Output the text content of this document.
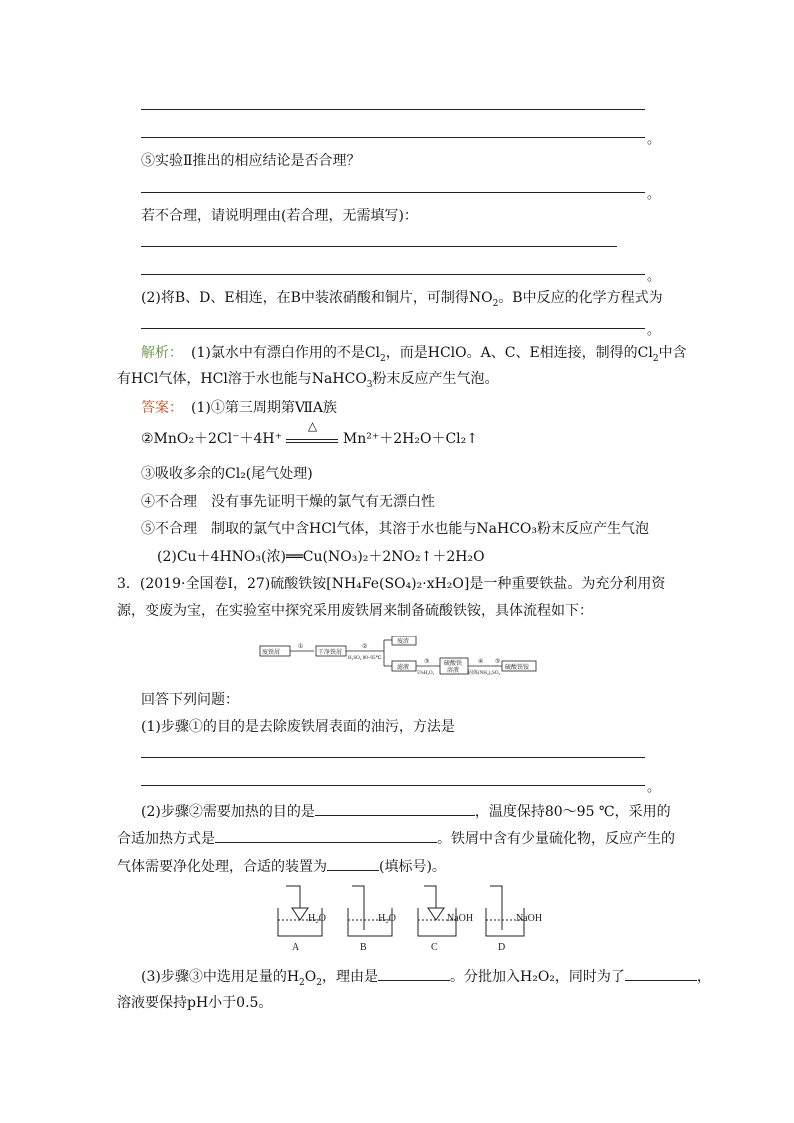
。
⑤实验Ⅱ推出的相应结论是否合理？
。
若不合理，请说明理由(若合理，无需填写)：
。
(2)将B、D、E相连，在B中装浓硝酸和铜片，可制得$NO_2$。B中反应的化学方程式为
。
解析： (1)氯水中有漂白作用的不是$Cl_2$，而是HClO。A、C、E相连接，制得的$Cl_2$中含
有HCl气体，HCl溶于水也能与NaHCO$_3$粉末反应产生气泡。
答案： (1)①第三周期第ⅦA族
②MnO₂＋2Cl⁻＋4H⁺
△
Mn²⁺＋2H₂O＋Cl₂↑
③吸收多余的Cl₂(尾气处理)
④不合理　没有事先证明干燥的氯气有无漂白性
⑤不合理　制取的氯气中含HCl气体，其溶于水也能与NaHCO₃粉末反应产生气泡
(2)Cu＋4HNO₃(浓)══Cu(NO₃)₂＋2NO₂↑＋2H₂O
3．(2019·全国卷Ⅰ，27)硫酸铁铵[NH₄Fe(SO₄)₂·xH₂O]是一种重要铁盐。为充分利用资
源，变废为宝，在实验室中探究采用废铁屑来制备硫酸铁铵，具体流程如下：
废铁屑	干净铁屑
①	②
H₂SO₄ 80~95℃
废渣
滤液
③
5%H₂O₂
硫酸铁
溶液
④
固体(NH₄)₂SO₄
⑤
硫酸铁铵
回答下列问题：
(1)步骤①的目的是去除废铁屑表面的油污，方法是
。
(2)步骤②需要加热的目的是	，温度保持80～95 ℃，采用的
合适加热方式是	。铁屑中含有少量硫化物，反应产生的
气体需要净化处理，合适的装置为	(填标号)。
H₂O	H₂O	NaOH	NaOH
A	B	C	D
(3)步骤③中选用足量的$H_2O_2$，理由是	。分批加入H₂O₂，同时为了	，
溶液要保持pH小于0.5。
